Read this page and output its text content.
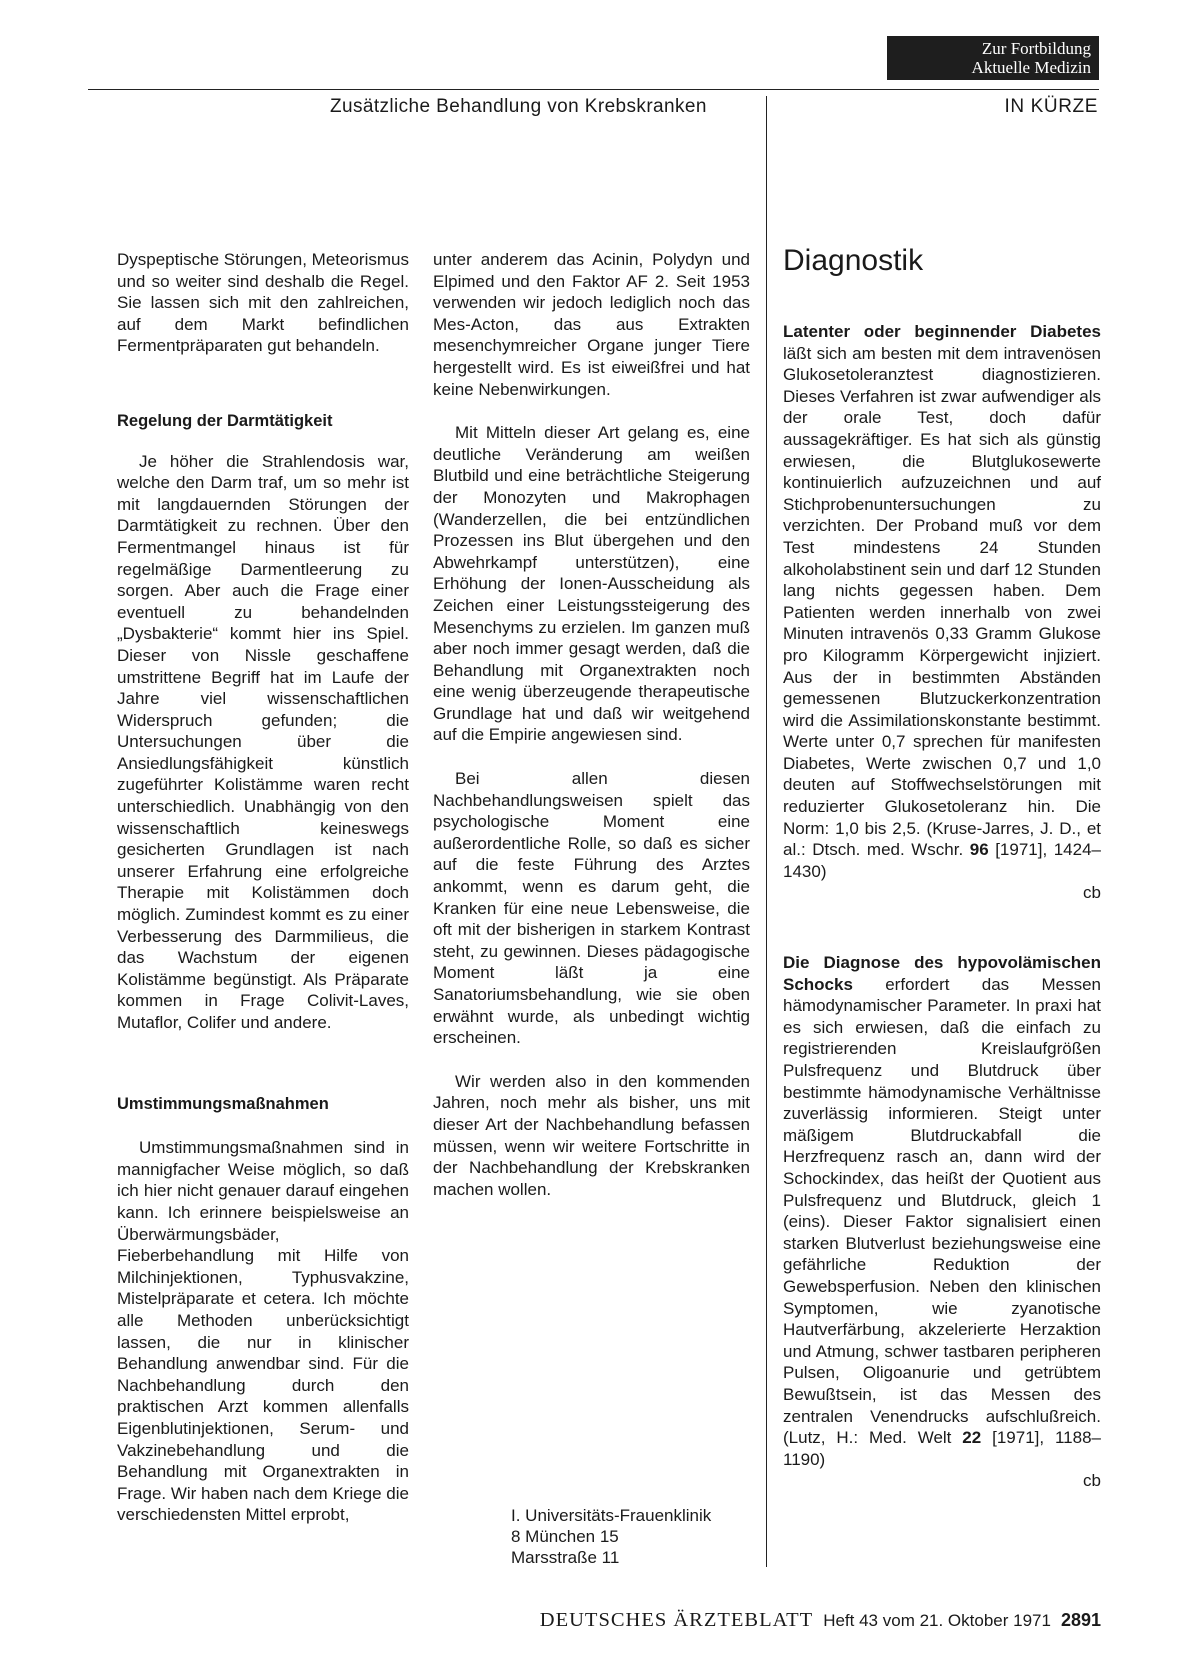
Zur Fortbildung
Aktuelle Medizin
Zusätzliche Behandlung von Krebskranken	IN KÜRZE

Dyspeptische Störungen, Meteorismus und so weiter sind deshalb die Regel. Sie lassen sich mit den zahlreichen, auf dem Markt befindlichen Fermentpräparaten gut behandeln.

Regelung der Darmtätigkeit

Je höher die Strahlendosis war, welche den Darm traf, um so mehr ist mit langdauernden Störungen der Darmtätigkeit zu rechnen. Über den Fermentmangel hinaus ist für regelmäßige Darmentleerung zu sorgen. Aber auch die Frage einer eventuell zu behandelnden „Dysbakterie“ kommt hier ins Spiel. Dieser von Nissle geschaffene umstrittene Begriff hat im Laufe der Jahre viel wissenschaftlichen Widerspruch gefunden; die Untersuchungen über die Ansiedlungsfähigkeit künstlich zugeführter Kolistämme waren recht unterschiedlich. Unabhängig von den wissenschaftlich keineswegs gesicherten Grundlagen ist nach unserer Erfahrung eine erfolgreiche Therapie mit Kolistämmen doch möglich. Zumindest kommt es zu einer Verbesserung des Darmmilieus, die das Wachstum der eigenen Kolistämme begünstigt. Als Präparate kommen in Frage Colivit-Laves, Mutaflor, Colifer und andere.

Umstimmungsmaßnahmen

Umstimmungsmaßnahmen sind in mannigfacher Weise möglich, so daß ich hier nicht genauer darauf eingehen kann. Ich erinnere beispielsweise an Überwärmungsbäder, Fieberbehandlung mit Hilfe von Milchinjektionen, Typhusvakzine, Mistelpräparate et cetera. Ich möchte alle Methoden unberücksichtigt lassen, die nur in klinischer Behandlung anwendbar sind. Für die Nachbehandlung durch den praktischen Arzt kommen allenfalls Eigenblutinjektionen, Serum- und Vakzinebehandlung und die Behandlung mit Organextrakten in Frage. Wir haben nach dem Kriege die verschiedensten Mittel erprobt,

unter anderem das Acinin, Polydyn und Elpimed und den Faktor AF 2. Seit 1953 verwenden wir jedoch lediglich noch das Mes-Acton, das aus Extrakten mesenchymreicher Organe junger Tiere hergestellt wird. Es ist eiweißfrei und hat keine Nebenwirkungen.

Mit Mitteln dieser Art gelang es, eine deutliche Veränderung am weißen Blutbild und eine beträchtliche Steigerung der Monozyten und Makrophagen (Wanderzellen, die bei entzündlichen Prozessen ins Blut übergehen und den Abwehrkampf unterstützen), eine Erhöhung der Ionen-Ausscheidung als Zeichen einer Leistungssteigerung des Mesenchyms zu erzielen. Im ganzen muß aber noch immer gesagt werden, daß die Behandlung mit Organextrakten noch eine wenig überzeugende therapeutische Grundlage hat und daß wir weitgehend auf die Empirie angewiesen sind.

Bei allen diesen Nachbehandlungsweisen spielt das psychologische Moment eine außerordentliche Rolle, so daß es sicher auf die feste Führung des Arztes ankommt, wenn es darum geht, die Kranken für eine neue Lebensweise, die oft mit der bisherigen in starkem Kontrast steht, zu gewinnen. Dieses pädagogische Moment läßt ja eine Sanatoriumsbehandlung, wie sie oben erwähnt wurde, als unbedingt wichtig erscheinen.

Wir werden also in den kommenden Jahren, noch mehr als bisher, uns mit dieser Art der Nachbehandlung befassen müssen, wenn wir weitere Fortschritte in der Nachbehandlung der Krebskranken machen wollen.

I. Universitäts-Frauenklinik
8 München 15
Marsstraße 11

Diagnostik

Latenter oder beginnender Diabetes läßt sich am besten mit dem intravenösen Glukosetoleranztest diagnostizieren. Dieses Verfahren ist zwar aufwendiger als der orale Test, doch dafür aussagekräftiger. Es hat sich als günstig erwiesen, die Blutglukosewerte kontinuierlich aufzuzeichnen und auf Stichprobenuntersuchungen zu verzichten. Der Proband muß vor dem Test mindestens 24 Stunden alkoholabstinent sein und darf 12 Stunden lang nichts gegessen haben. Dem Patienten werden innerhalb von zwei Minuten intravenös 0,33 Gramm Glukose pro Kilogramm Körpergewicht injiziert. Aus der in bestimmten Abständen gemessenen Blutzuckerkonzentration wird die Assimilationskonstante bestimmt. Werte unter 0,7 sprechen für manifesten Diabetes, Werte zwischen 0,7 und 1,0 deuten auf Stoffwechselstörungen mit reduzierter Glukosetoleranz hin. Die Norm: 1,0 bis 2,5. (Kruse-Jarres, J. D., et al.: Dtsch. med. Wschr. 96 [1971], 1424–1430)

cb

Die Diagnose des hypovolämischen Schocks erfordert das Messen hämodynamischer Parameter. In praxi hat es sich erwiesen, daß die einfach zu registrierenden Kreislaufgrößen Pulsfrequenz und Blutdruck über bestimmte hämodynamische Verhältnisse zuverlässig informieren. Steigt unter mäßigem Blutdruckabfall die Herzfrequenz rasch an, dann wird der Schockindex, das heißt der Quotient aus Pulsfrequenz und Blutdruck, gleich 1 (eins). Dieser Faktor signalisiert einen starken Blutverlust beziehungsweise eine gefährliche Reduktion der Gewebsperfusion. Neben den klinischen Symptomen, wie zyanotische Hautverfärbung, akzelerierte Herzaktion und Atmung, schwer tastbaren peripheren Pulsen, Oligoanurie und getrübtem Bewußtsein, ist das Messen des zentralen Venendrucks aufschlußreich. (Lutz, H.: Med. Welt 22 [1971], 1188–1190)

cb

DEUTSCHES ÄRZTEBLATT Heft 43 vom 21. Oktober 1971 2891
